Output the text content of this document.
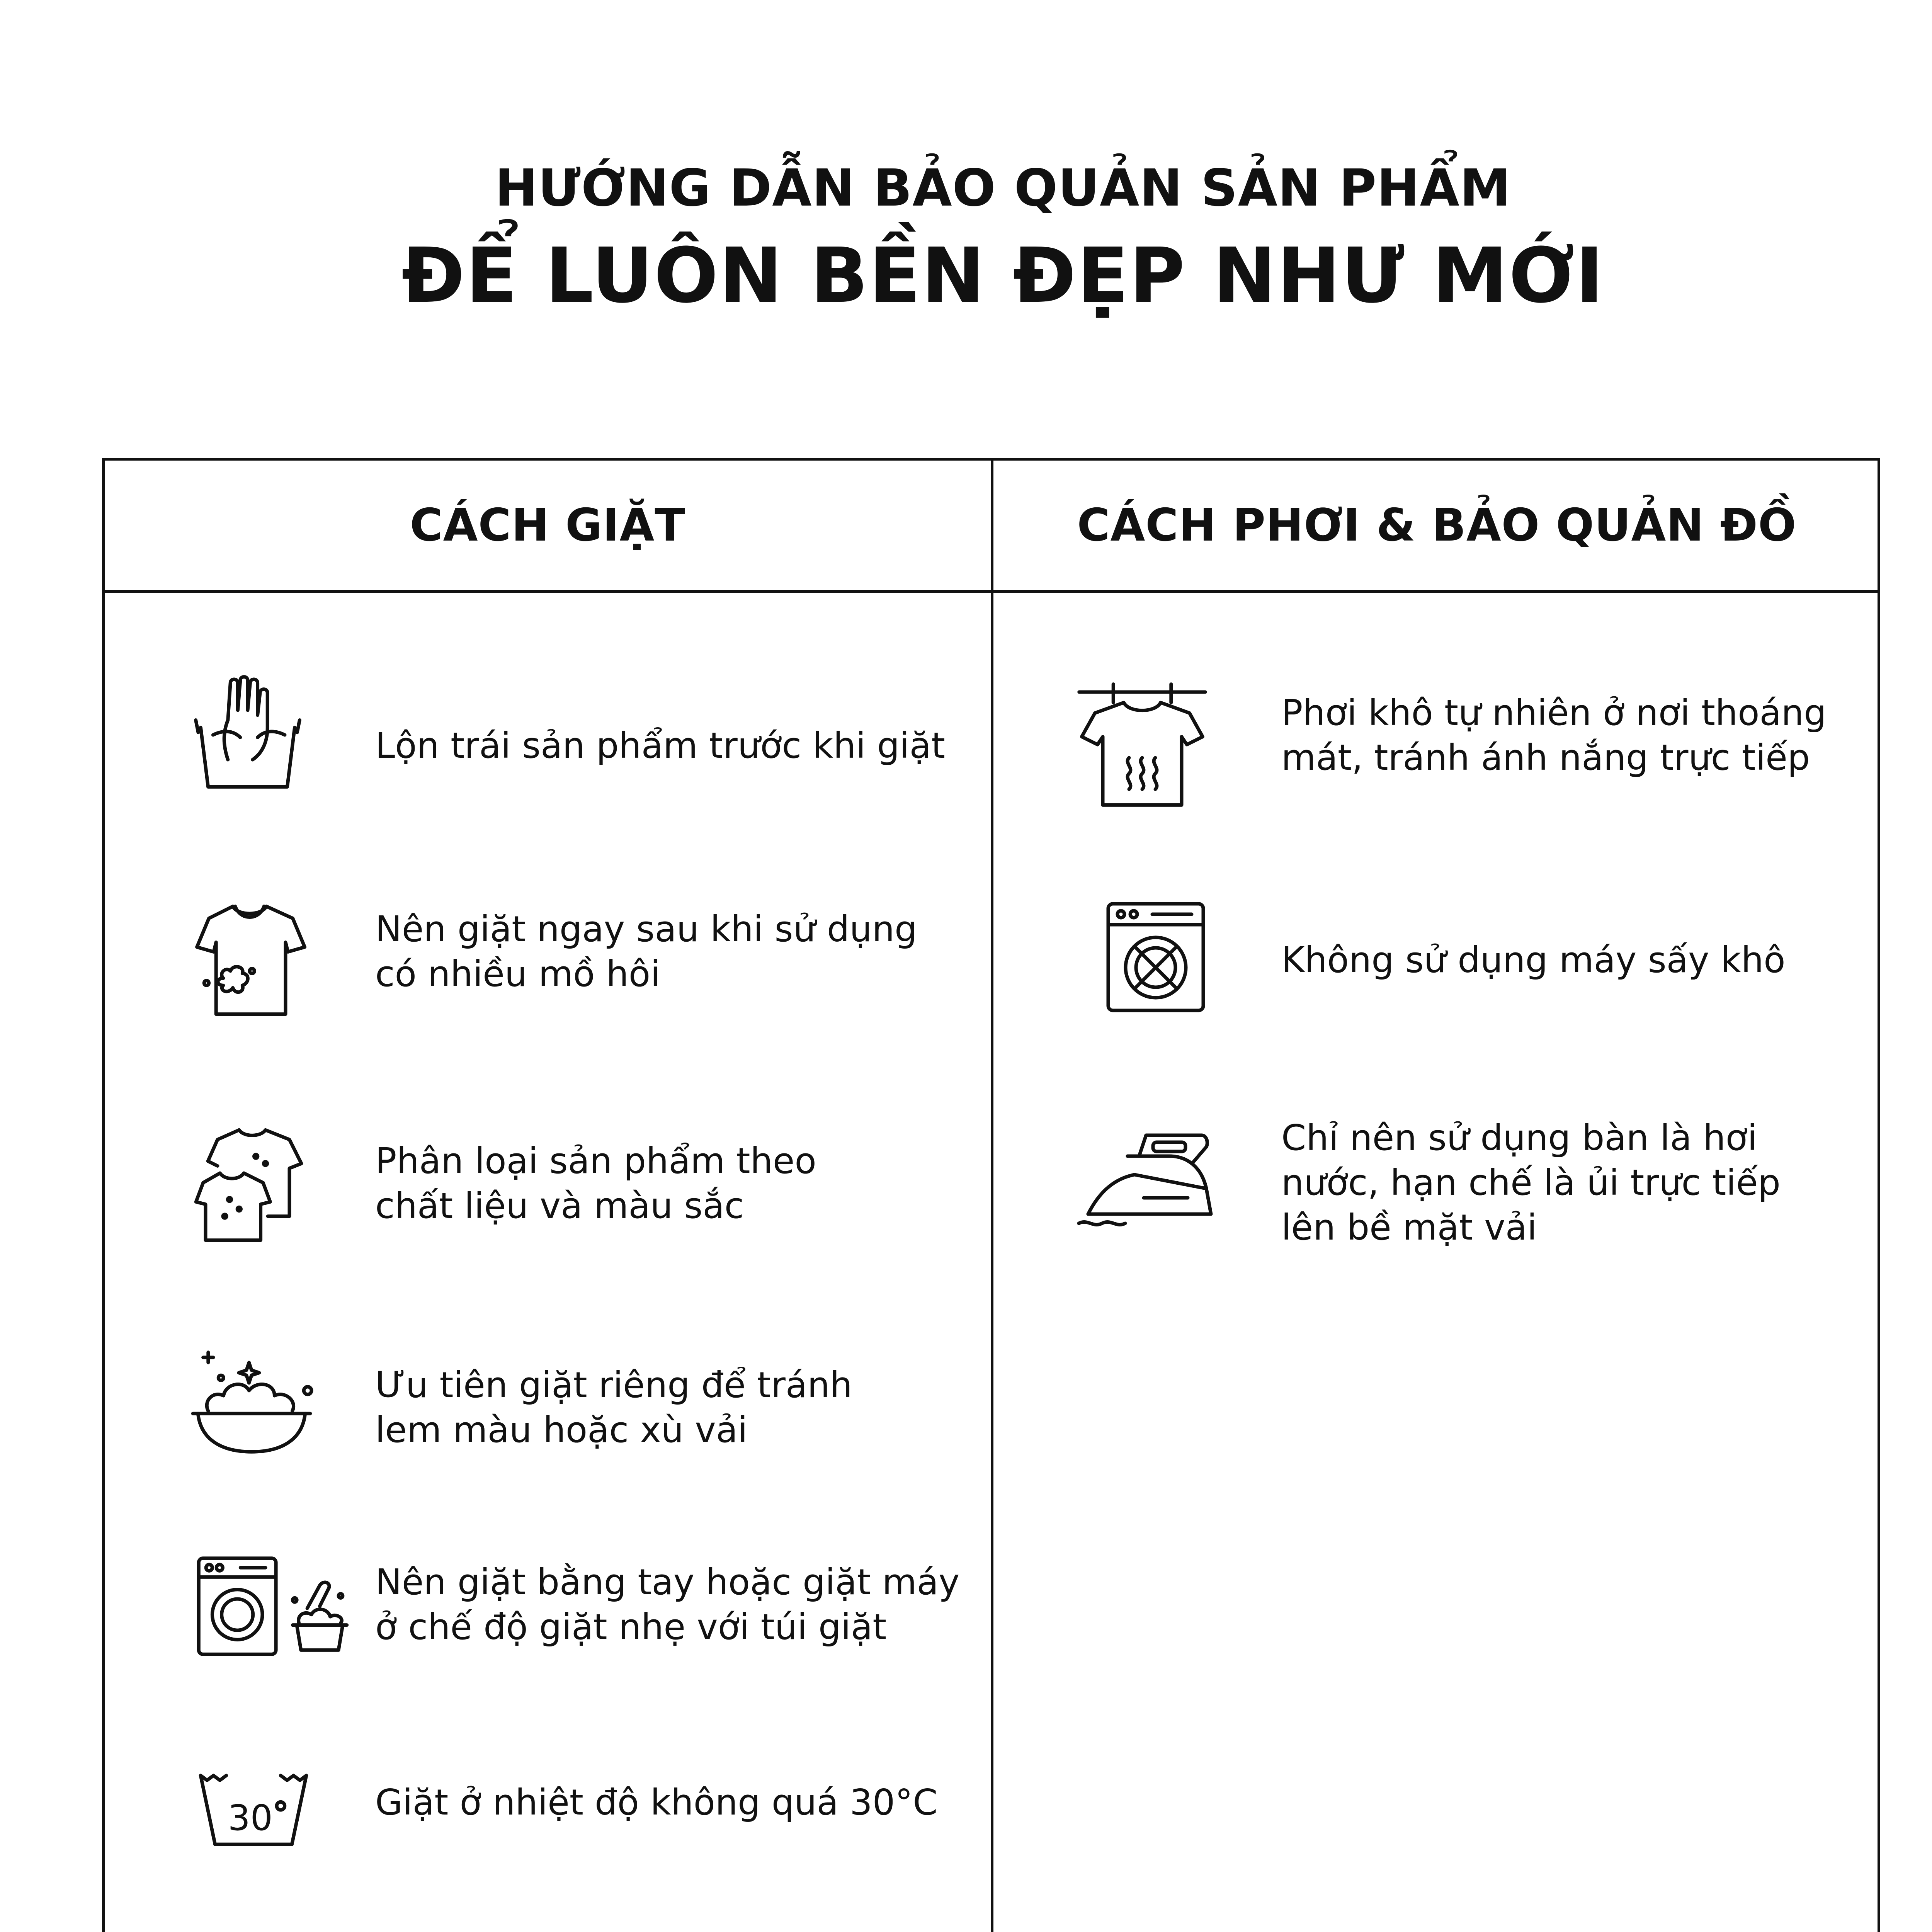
HƯỚNG DẪN BẢO QUẢN SẢN PHẨM
ĐỂ LUÔN BỀN ĐẸP NHƯ MỚI
CÁCH GIẶT	CÁCH PHƠI & BẢO QUẢN ĐỒ
Lộn trái sản phẩm trước khi giặt
Nên giặt ngay sau khi sử dụng
có nhiều mồ hôi
Phân loại sản phẩm theo
chất liệu và màu sắc
Ưu tiên giặt riêng để tránh
lem màu hoặc xù vải
Nên giặt bằng tay hoặc giặt máy
ở chế độ giặt nhẹ với túi giặt
30	Giặt ở nhiệt độ không quá 30°C
Phơi khô tự nhiên ở nơi thoáng
mát, tránh ánh nắng trực tiếp
Không sử dụng máy sấy khô
Chỉ nên sử dụng bàn là hơi
nước, hạn chế là ủi trực tiếp
lên bề mặt vải
